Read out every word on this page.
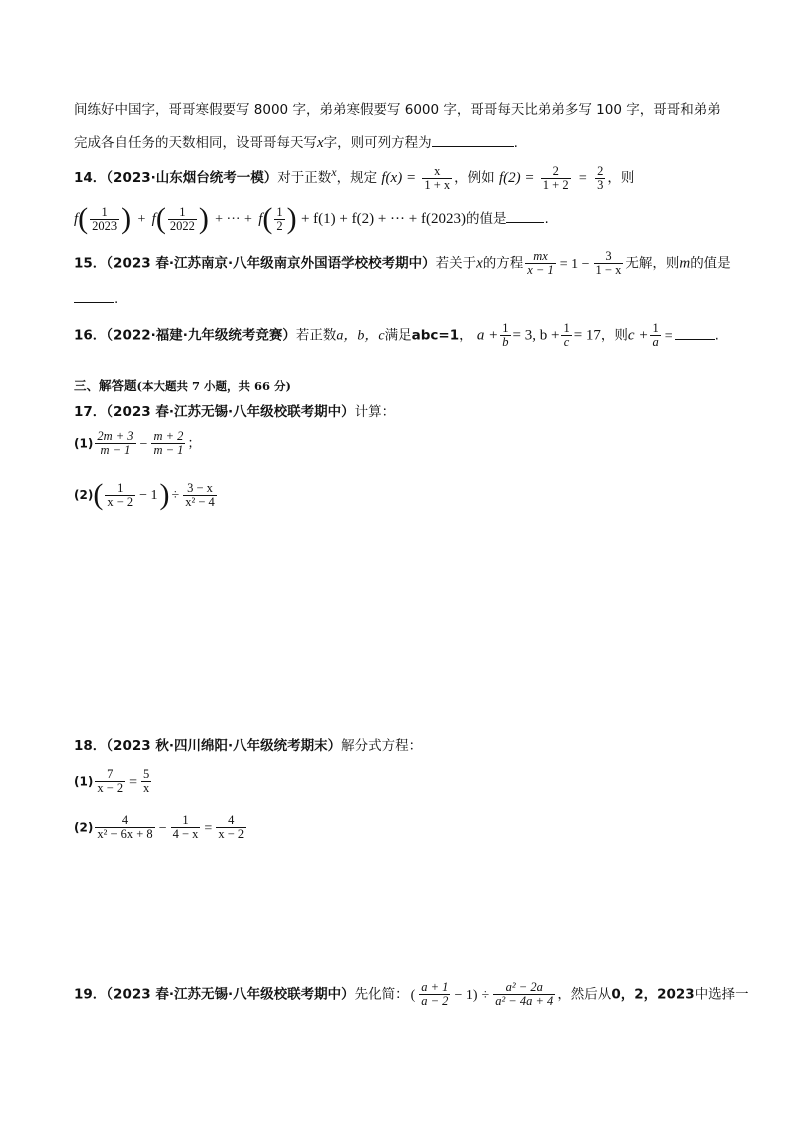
间练好中国字，哥哥寒假要写 8000 字，弟弟寒假要写 6000 字，哥哥每天比弟弟多写 100 字，哥哥和弟弟
完成各自任务的天数相同，设哥哥每天写x字，则可列方程为	.
14．（2023·山东烟台统考一模）对于正数x，规定 $f(x) = \frac{x}{1 + x}$ ，例如 $f(2) = \frac{2}{1 + 2} = \frac{2}{3}$ ，则
$f( \frac{1}{2023}$ ) + $f( \frac{1}{2022}$ ) + ··· + $f( \frac{1}{2}$ ) + f(1) + f(2) + ··· + f(2023)的值是	.
15．（2023 春·江苏南京·八年级南京外国语学校校考期中）若关于x的方程 $\frac{mx}{x - 1} = 1 - \frac{3}{1 - x}$ 无解，则m的值是
.
16．（2022·福建·九年级统考竞赛）若正数a，b，c满足abc=1， $a + \frac{1}{b} = 3$, $b + \frac{1}{c} = 17$，则$c + \frac{1}{a}$ =	.
三、解答题(本大题共 7 小题，共 66 分)
17．（2023 春·江苏无锡·八年级校联考期中）计算：
$(1) \frac{2m + 3}{m - 1} - \frac{m + 2}{m - 1}$ ；
$(2)( \frac{1}{x - 2} - 1) \div \frac{3 - x}{\text{x² − 4}}$
18．（2023 秋·四川绵阳·八年级统考期末）解分式方程：
$(1) \frac{7}{x - 2} = \frac{5}{x}$
$(2) \frac{4}{\text{x² − 6x + 8}} - \frac{1}{4 - x} = \frac{4}{x - 2}$
19．（2023 春·江苏无锡·八年级校联考期中）先化简： ( $\frac{a + 1}{a - 2} - 1) \div \frac{\text{a² − 2a}}{\text{a² − 4a + 4}}$ ，然后从0，2，2023中选择一
